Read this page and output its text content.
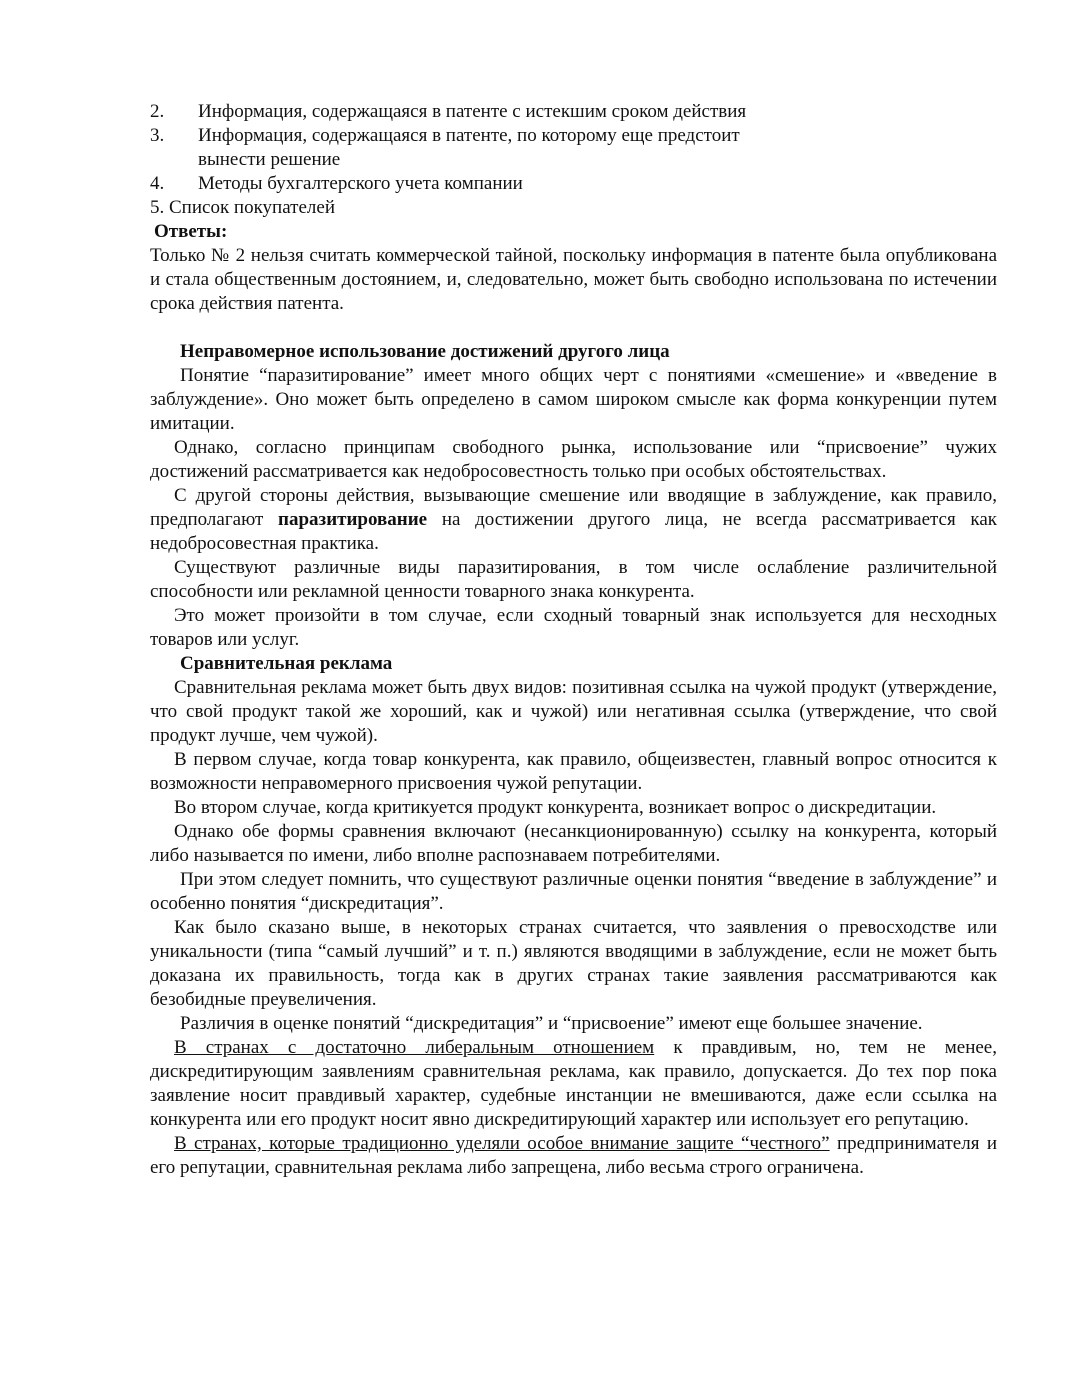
2. Информация, содержащаяся в патенте с истекшим сроком действия
3. Информация, содержащаяся в патенте, по которому еще предстоит
вынести решение
4. Методы бухгалтерского учета компании
5. Список покупателей
Ответы:
Только № 2 нельзя считать коммерческой тайной, поскольку информация в патенте была опубликована и стала общественным достоянием, и, следовательно, может быть свободно использована по истечении срока действия патента.
Неправомерное использование достижений другого лица
Понятие “паразитирование” имеет много общих черт с понятиями «смешение» и «введение в заблуждение». Оно может быть определено в самом широком смысле как форма конкуренции путем имитации.
Однако, согласно принципам свободного рынка, использование или “присвоение” чужих достижений рассматривается как недобросовестность только при особых обстоятельствах.
С другой стороны действия, вызывающие смешение или вводящие в заблуждение, как правило, предполагают паразитирование на достижении другого лица, не всегда рассматривается как недобросовестная практика.
Существуют различные виды паразитирования, в том числе ослабление различительной способности или рекламной ценности товарного знака конкурента.
Это может произойти в том случае, если сходный товарный знак используется для несходных товаров или услуг.
Сравнительная реклама
Сравнительная реклама может быть двух видов: позитивная ссылка на чужой продукт (утверждение, что свой продукт такой же хороший, как и чужой) или негативная ссылка (утверждение, что свой продукт лучше, чем чужой).
В первом случае, когда товар конкурента, как правило, общеизвестен, главный вопрос относится к возможности неправомерного присвоения чужой репутации.
Во втором случае, когда критикуется продукт конкурента, возникает вопрос о дискредитации.
Однако обе формы сравнения включают (несанкционированную) ссылку на конкурента, который либо называется по имени, либо вполне распознаваем потребителями.
При этом следует помнить, что существуют различные оценки понятия “введение в заблуждение” и особенно понятия “дискредитация”.
Как было сказано выше, в некоторых странах считается, что заявления о превосходстве или уникальности (типа “самый лучший” и т. п.) являются вводящими в заблуждение, если не может быть доказана их правильность, тогда как в других странах такие заявления рассматриваются как безобидные преувеличения.
Различия в оценке понятий “дискредитация” и “присвоение” имеют еще большее значение.
В странах с достаточно либеральным отношением к правдивым, но, тем не менее, дискредитирующим заявлениям сравнительная реклама, как правило, допускается. До тех пор пока заявление носит правдивый характер, судебные инстанции не вмешиваются, даже если ссылка на конкурента или его продукт носит явно дискредитирующий характер или использует его репутацию.
В странах, которые традиционно уделяли особое внимание защите “честного” предпринимателя и его репутации, сравнительная реклама либо запрещена, либо весьма строго ограничена.
